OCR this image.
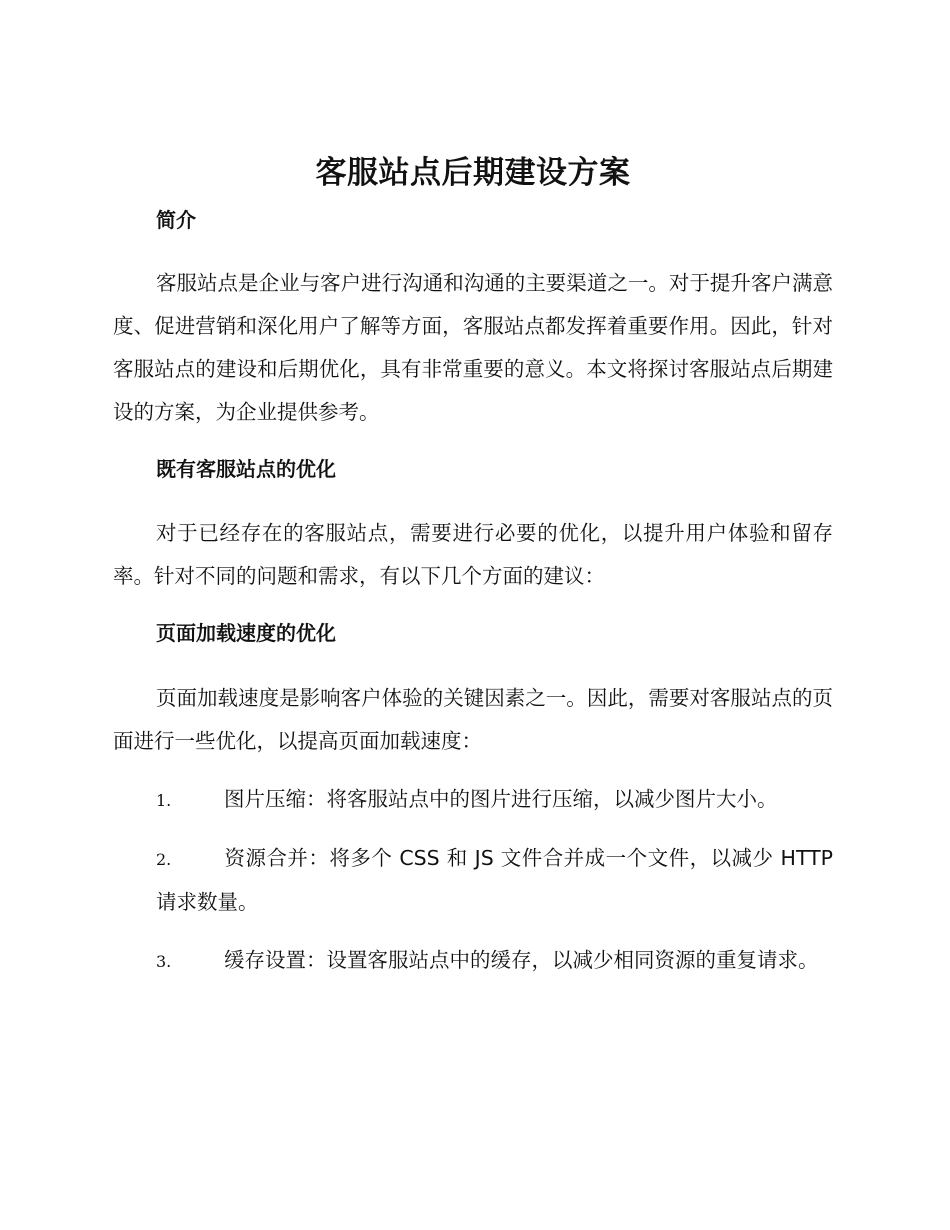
客服站点后期建设方案
简介

客服站点是企业与客户进行沟通和沟通的主要渠道之一。对于提升客户满意度、促进营销和深化用户了解等方面，客服站点都发挥着重要作用。因此，针对客服站点的建设和后期优化，具有非常重要的意义。本文将探讨客服站点后期建设的方案，为企业提供参考。

既有客服站点的优化

对于已经存在的客服站点，需要进行必要的优化，以提升用户体验和留存率。针对不同的问题和需求，有以下几个方面的建议：

页面加载速度的优化

页面加载速度是影响客户体验的关键因素之一。因此，需要对客服站点的页面进行一些优化，以提高页面加载速度：

1.	图片压缩：将客服站点中的图片进行压缩，以减少图片大小。

2.	资源合并：将多个 CSS 和 JS 文件合并成一个文件，以减少 HTTP 请求数量。

3.	缓存设置：设置客服站点中的缓存，以减少相同资源的重复请求。
